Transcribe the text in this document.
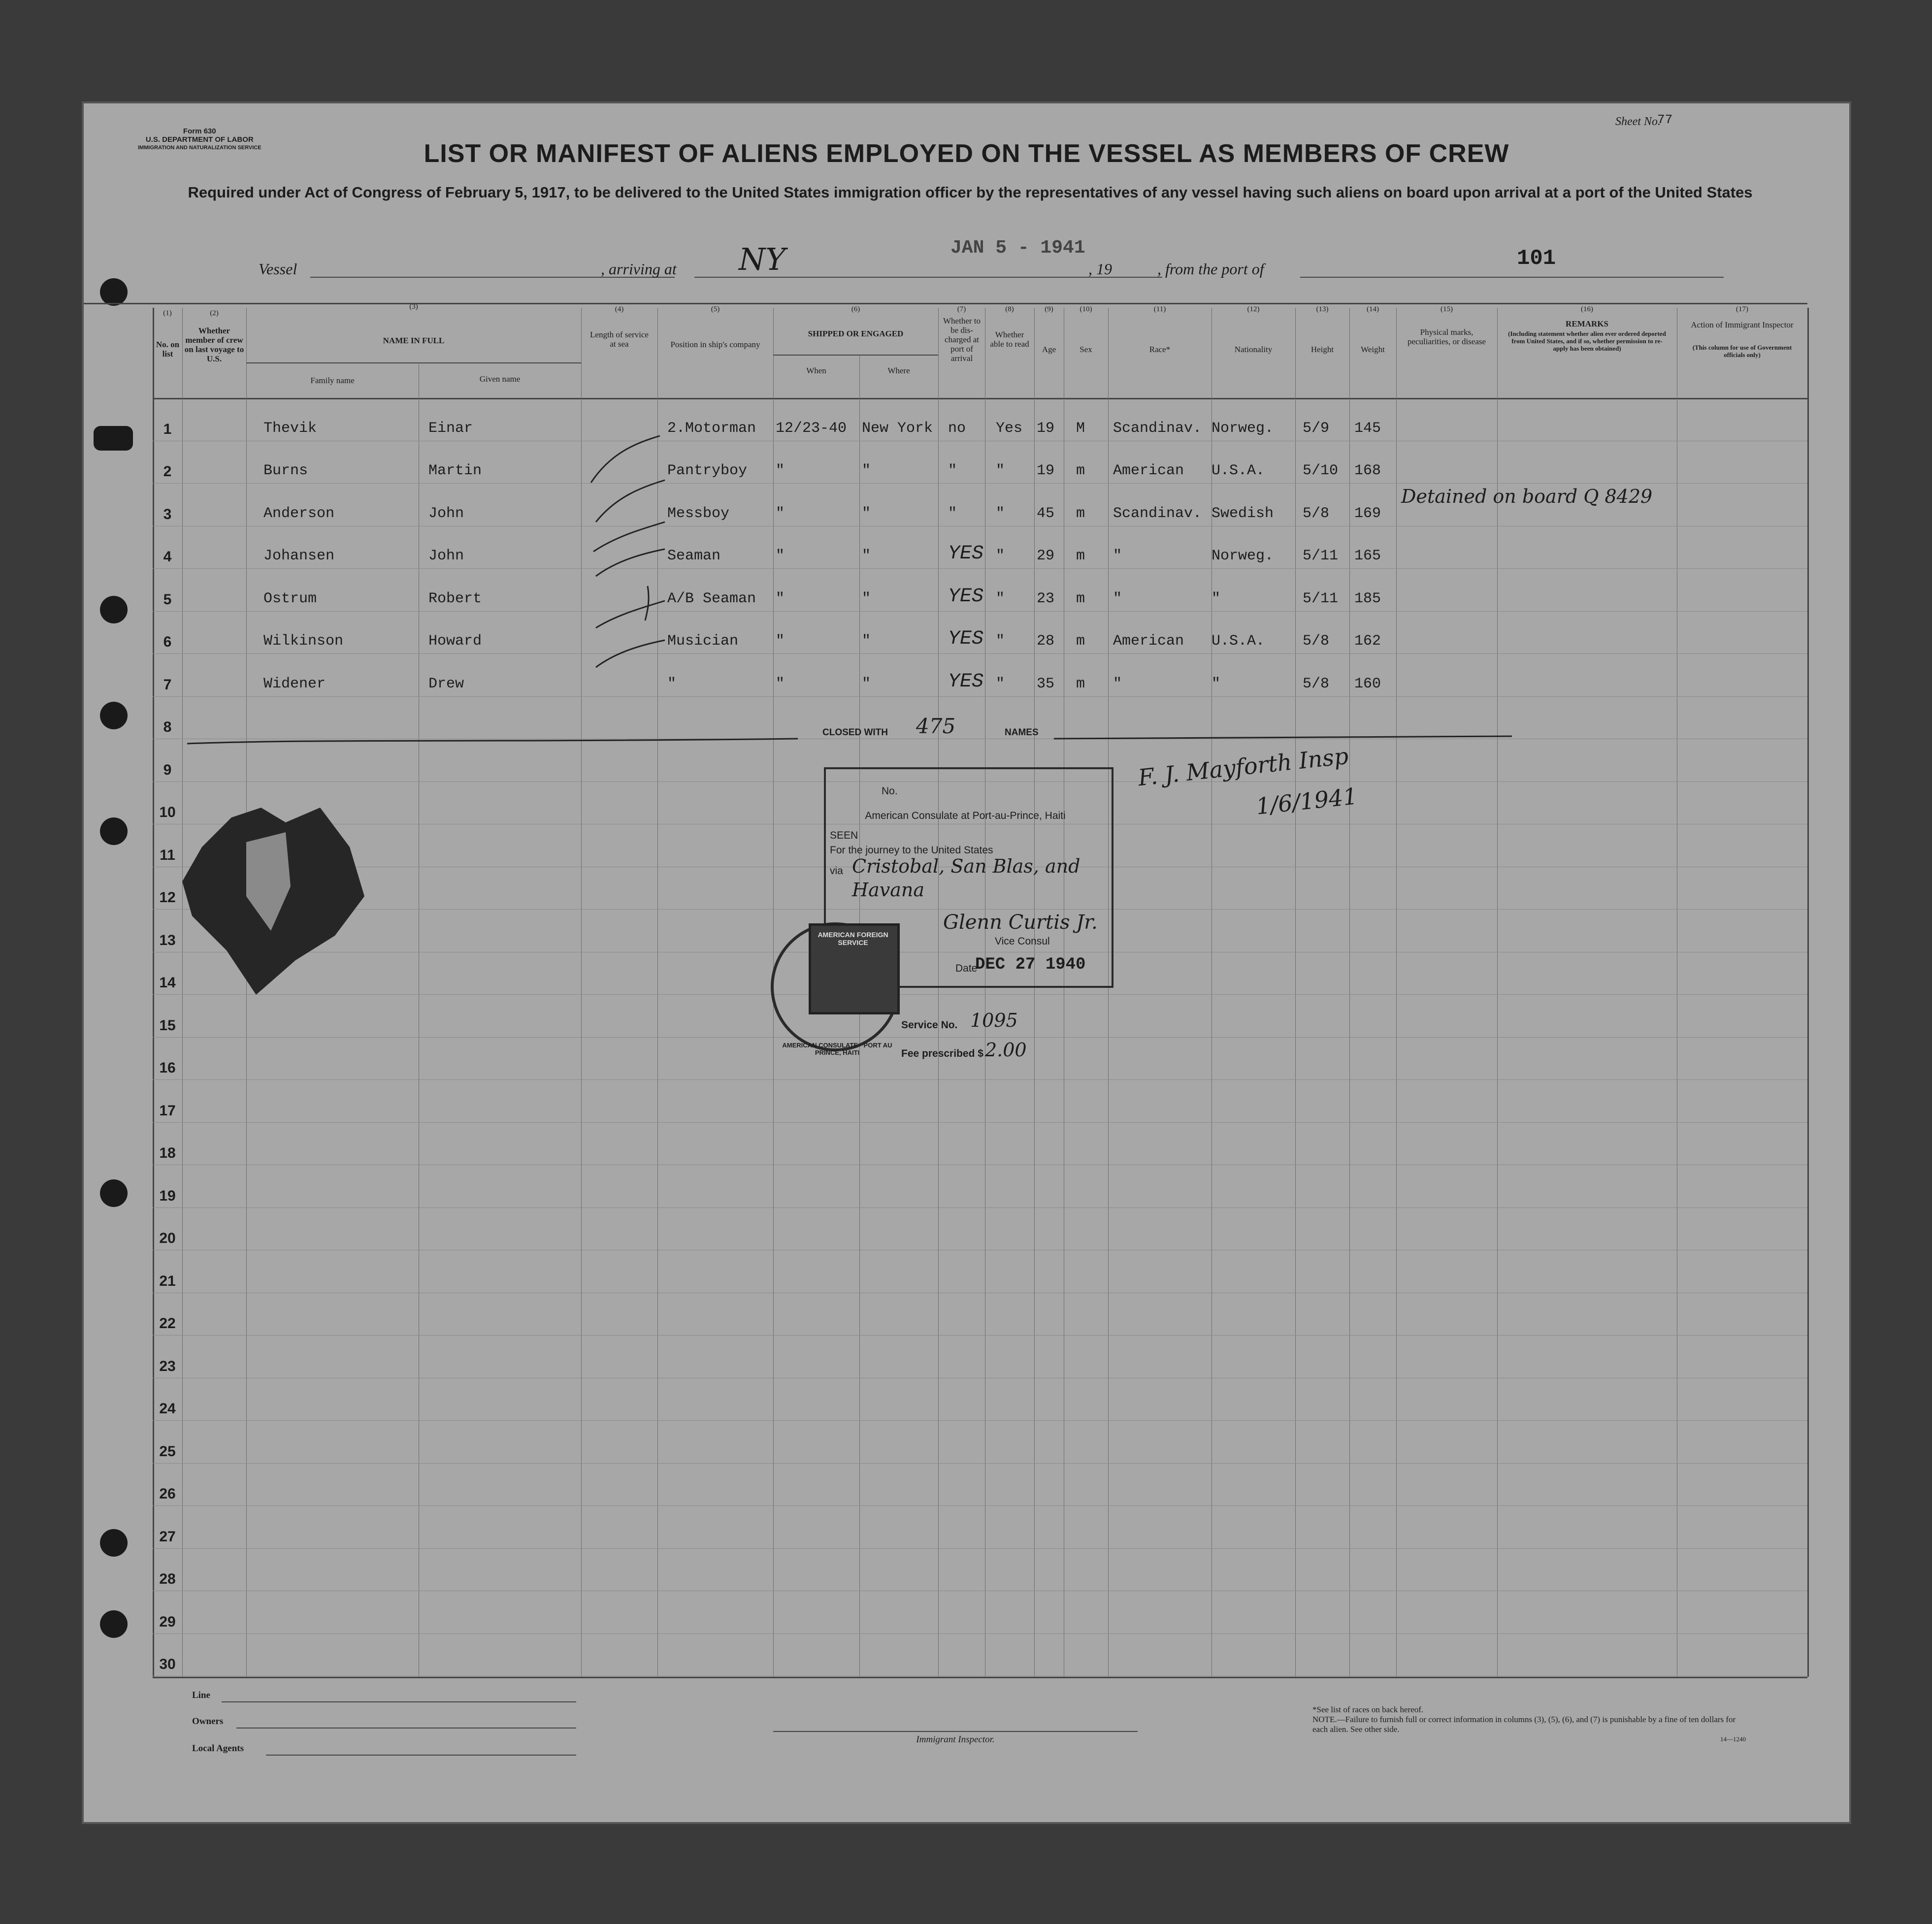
Form 630
U.S. DEPARTMENT OF LABOR
IMMIGRATION AND NATURALIZATION SERVICE
Sheet No.
77
LIST OR MANIFEST OF ALIENS EMPLOYED ON THE VESSEL AS MEMBERS OF CREW
Required under Act of Congress of February 5, 1917, to be delivered to the United States immigration officer by the representatives of any vessel having such aliens on board upon arrival at a port of the United States
Vessel	, arriving at NY	JAN 5 - 1941
, 19	, from the port of	101
(1)
No. on list
(2)
Whether member of crew on last voyage to U.S.
(3)
NAME IN FULL
Family name	Given name
(4)
Length of service at sea
(5)
Position in ship's company
(6)
SHIPPED OR ENGAGED
When	Where
(7)
Whether to be dis-charged at port of arrival
(8)
Whether able to read
(9)
Age
(10)
Sex
(11)
Race*
(12)
Nationality
(13)
Height
(14)
Weight
(15)
Physical marks, peculiarities, or disease
(16)
REMARKS
(Including statement whether alien ever ordered deported from United States, and if so, whether permission to re-apply has been obtained)
(17)
Action of Immigrant Inspector
(This column for use of Government officials only)
1
2
3
4
5
6
7
8
9
10
11
12
13
14
15
16
17
18
19
20
21
22
23
24
25
26
27
28
29
30
Thevik	Einar	2.Motorman 12/23-40 New York no Yes 19 M Scandinav. Norweg. 5/9 145
Burns	Martin	Pantryboy "	"	"	" 19 m American U.S.A.	5/10 168
Anderson	John	Messboy	"	"	"	" 45 m Scandinav. Swedish 5/8 169
Detained on board Q 8429
Johansen	John	Seaman	"	"	YES " 29 m "	Norweg. 5/11 165
Ostrum	Robert	A/B Seaman "	"	YES " 23 m "	"	5/11 185
Wilkinson	Howard	Musician	"	"	YES " 28 m American U.S.A.	5/8 162
Widener	Drew	"	"	"	YES " 35 m "	"	5/8 160
CLOSED WITH 475	NAMES
F. J. Mayforth Insp
1/6/1941
No.
American Consulate at Port-au-Prince, Haiti
SEEN
For the journey to the United States
via Cristobal, San Blas, and Havana
Glenn Curtis Jr.
Vice Consul
Date
DEC 27 1940
AMERICAN CONSULATE · PORT AU PRINCE, HAITI
AMERICAN FOREIGN SERVICE
Service No. 1095
Fee prescribed $ 2.00
Line
Owners
Local Agents
Immigrant Inspector.
*See list of races on back hereof.
NOTE.—Failure to furnish full or correct information in columns (3), (5), (6), and (7) is punishable by a fine of ten dollars for each alien. See other side.
14—1240
